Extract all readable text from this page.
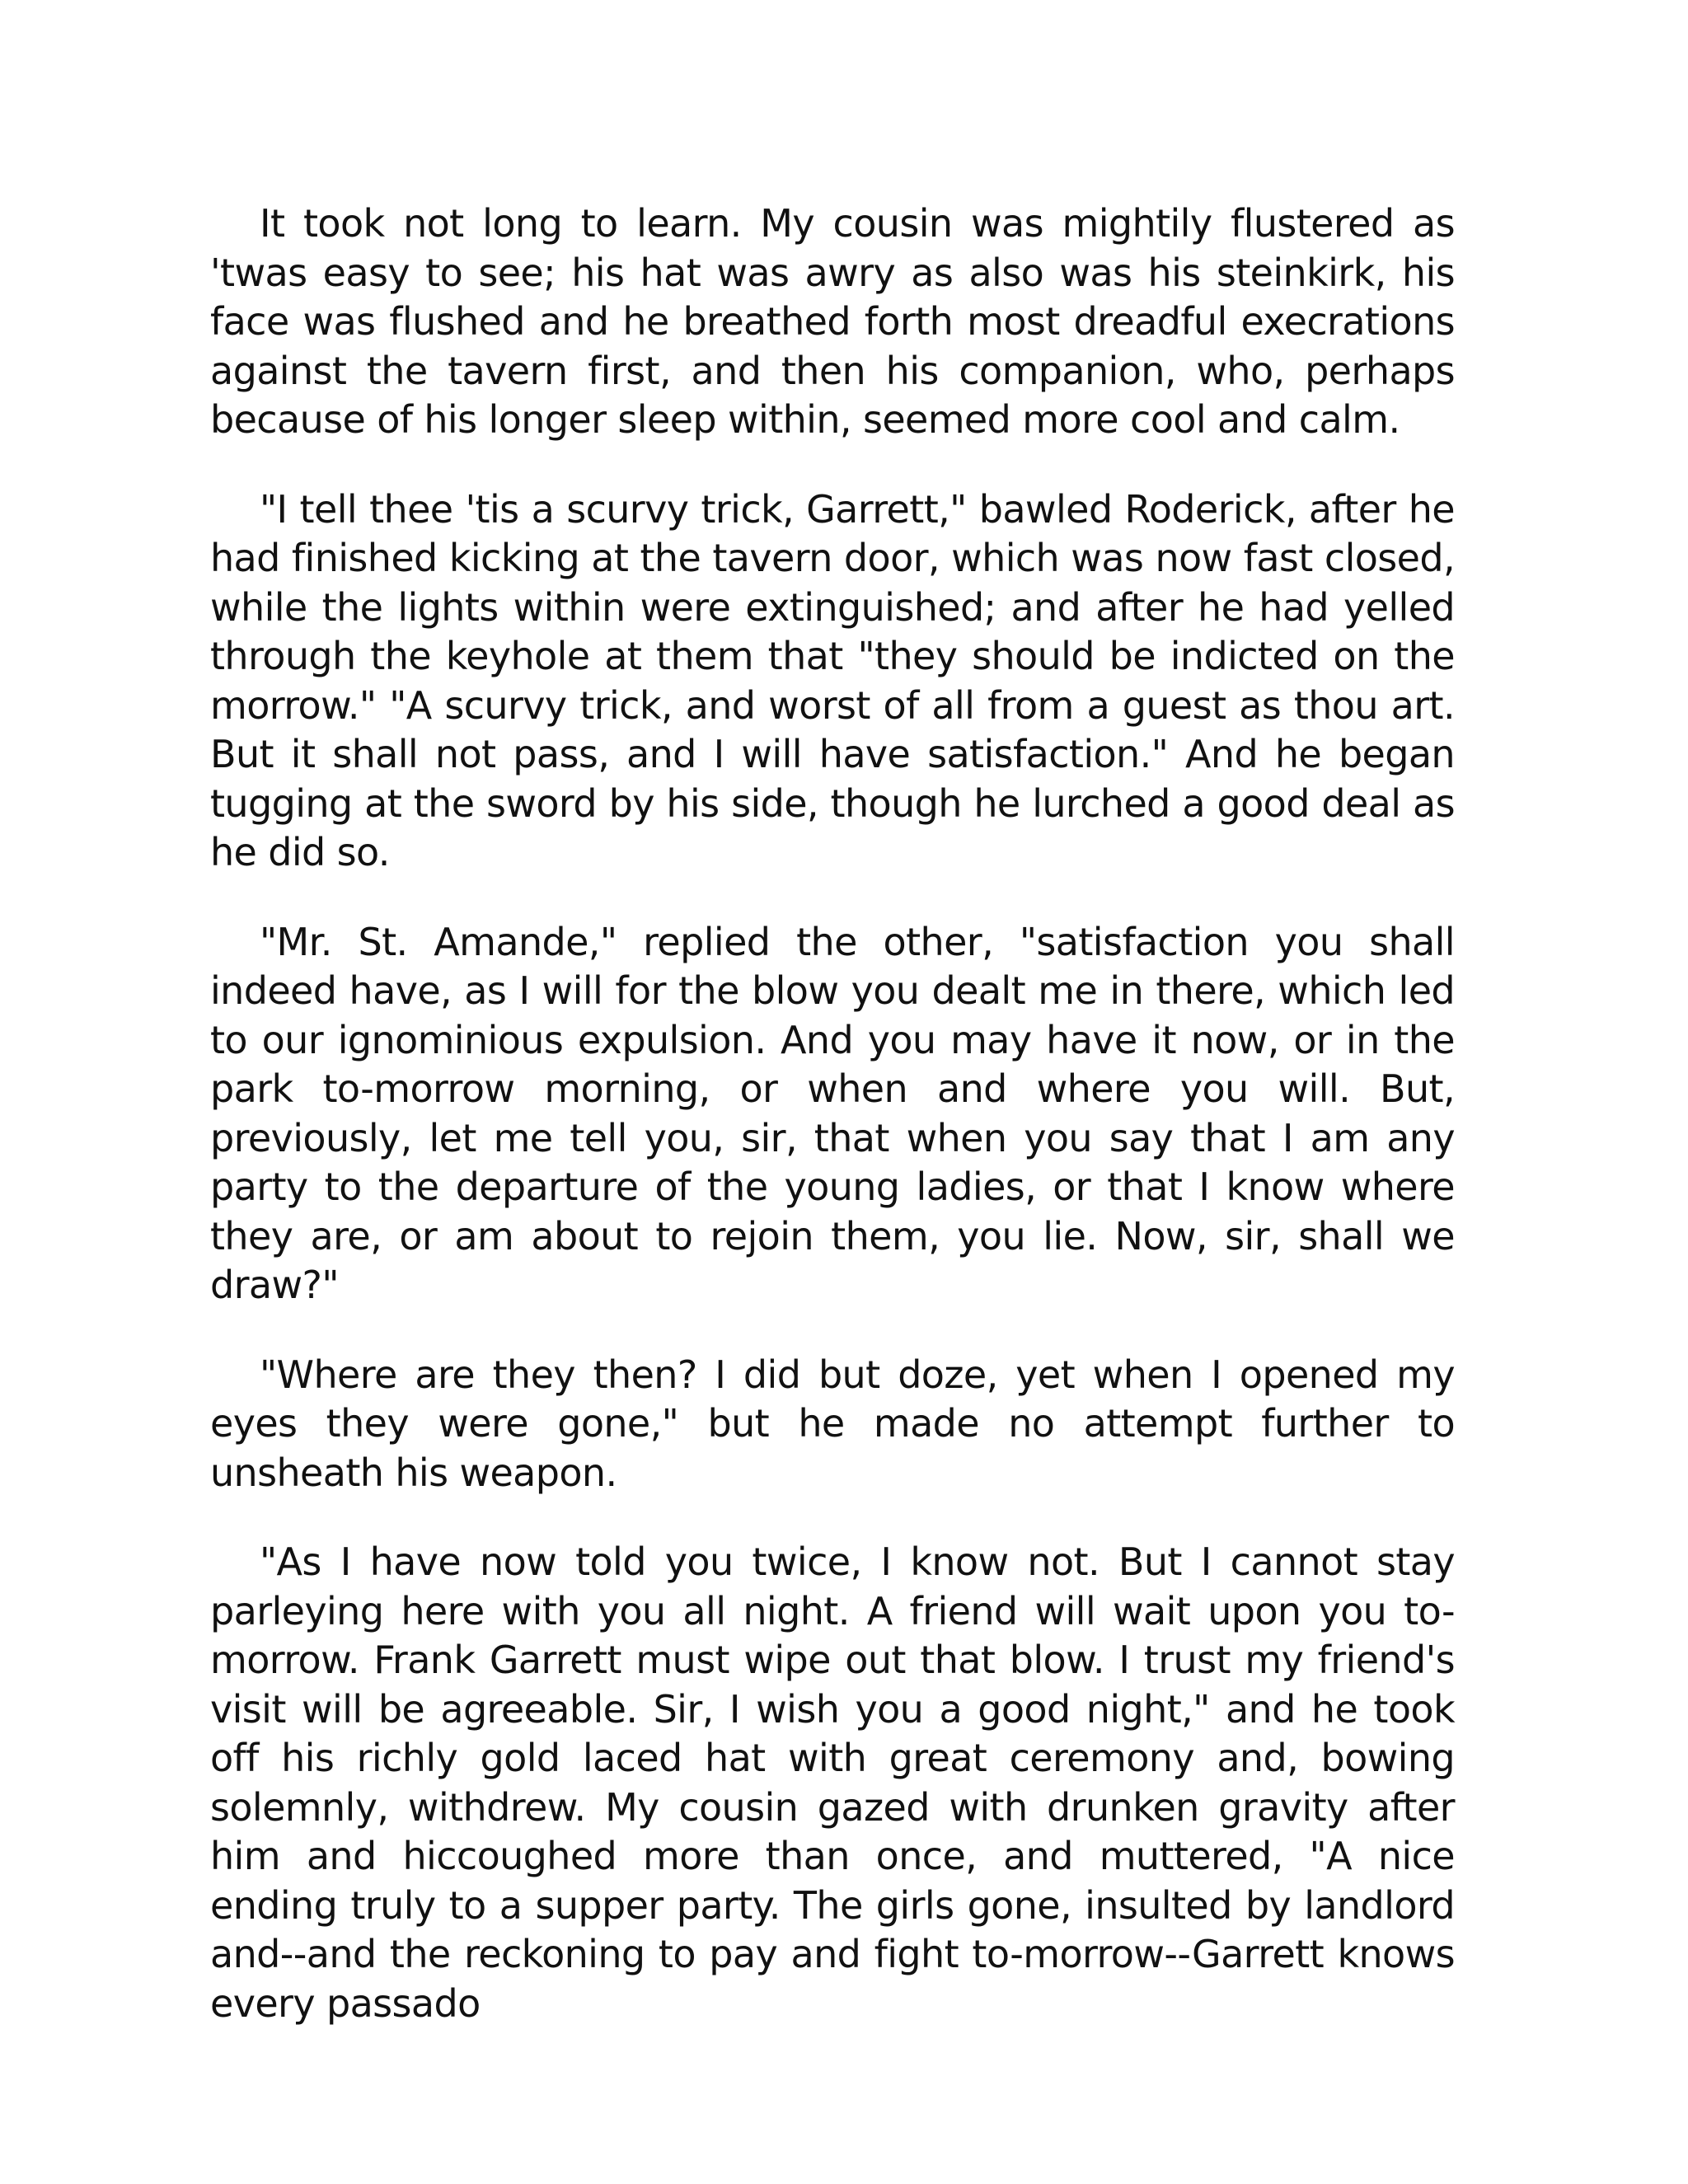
It took not long to learn. My cousin was mightily flustered as 'twas easy to see; his hat was awry as also was his steinkirk, his face was flushed and he breathed forth most dreadful execrations against the tavern first, and then his companion, who, perhaps because of his longer sleep within, seemed more cool and calm.

"I tell thee 'tis a scurvy trick, Garrett," bawled Roderick, after he had finished kicking at the tavern door, which was now fast closed, while the lights within were extinguished; and after he had yelled through the keyhole at them that "they should be indicted on the morrow." "A scurvy trick, and worst of all from a guest as thou art. But it shall not pass, and I will have satisfaction." And he began tugging at the sword by his side, though he lurched a good deal as he did so.

"Mr. St. Amande," replied the other, "satisfaction you shall indeed have, as I will for the blow you dealt me in there, which led to our ignominious expulsion. And you may have it now, or in the park to-morrow morning, or when and where you will. But, previously, let me tell you, sir, that when you say that I am any party to the departure of the young ladies, or that I know where they are, or am about to rejoin them, you lie. Now, sir, shall we draw?"

"Where are they then? I did but doze, yet when I opened my eyes they were gone," but he made no attempt further to unsheath his weapon.

"As I have now told you twice, I know not. But I cannot stay parleying here with you all night. A friend will wait upon you to-morrow. Frank Garrett must wipe out that blow. I trust my friend's visit will be agreeable. Sir, I wish you a good night," and he took off his richly gold laced hat with great ceremony and, bowing solemnly, withdrew. My cousin gazed with drunken gravity after him and hiccoughed more than once, and muttered, "A nice ending truly to a supper party. The girls gone, insulted by landlord and--and the reckoning to pay and fight to-morrow--Garrett knows every passado
